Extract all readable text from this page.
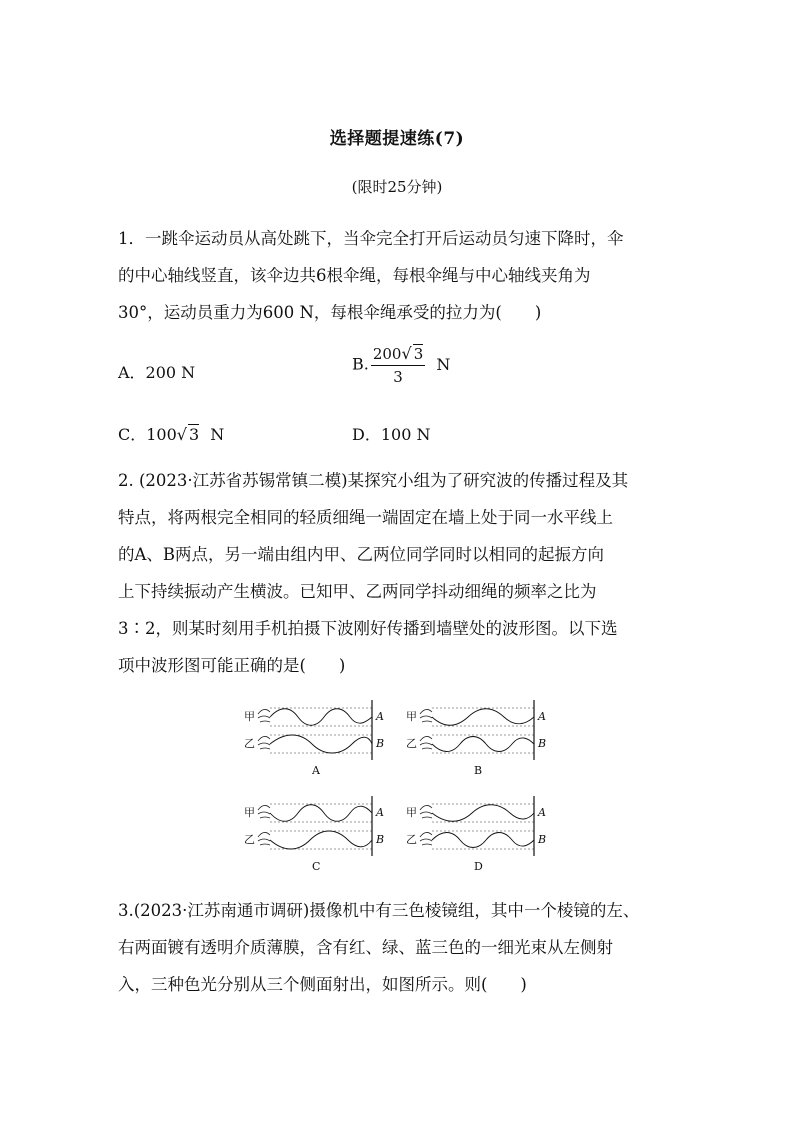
选择题提速练(7)
(限时25分钟)
1．一跳伞运动员从高处跳下，当伞完全打开后运动员匀速下降时，伞
的中心轴线竖直，该伞边共6根伞绳，每根伞绳与中心轴线夹角为
30°，运动员重力为600 N，每根伞绳承受的拉力为(　　)
A．200 N	B. $\frac{200√ 3}{3}$ N
C．100√ 3 N	D．100 N
2. (2023·江苏省苏锡常镇二模)某探究小组为了研究波的传播过程及其
特点，将两根完全相同的轻质细绳一端固定在墙上处于同一水平线上
的A、B两点，另一端由组内甲、乙两位同学同时以相同的起振方向
上下持续振动产生横波。已知甲、乙两同学抖动细绳的频率之比为
3∶2，则某时刻用手机拍摄下波刚好传播到墙壁处的波形图。以下选
项中波形图可能正确的是(　　)
甲
乙
A
B
A
甲
乙
A
B
B
甲
乙
A
B
C
甲
乙
A
B
D
3.(2023·江苏南通市调研)摄像机中有三色棱镜组，其中一个棱镜的左、
右两面镀有透明介质薄膜，含有红、绿、蓝三色的一细光束从左侧射
入，三种色光分别从三个侧面射出，如图所示。则(　　)
